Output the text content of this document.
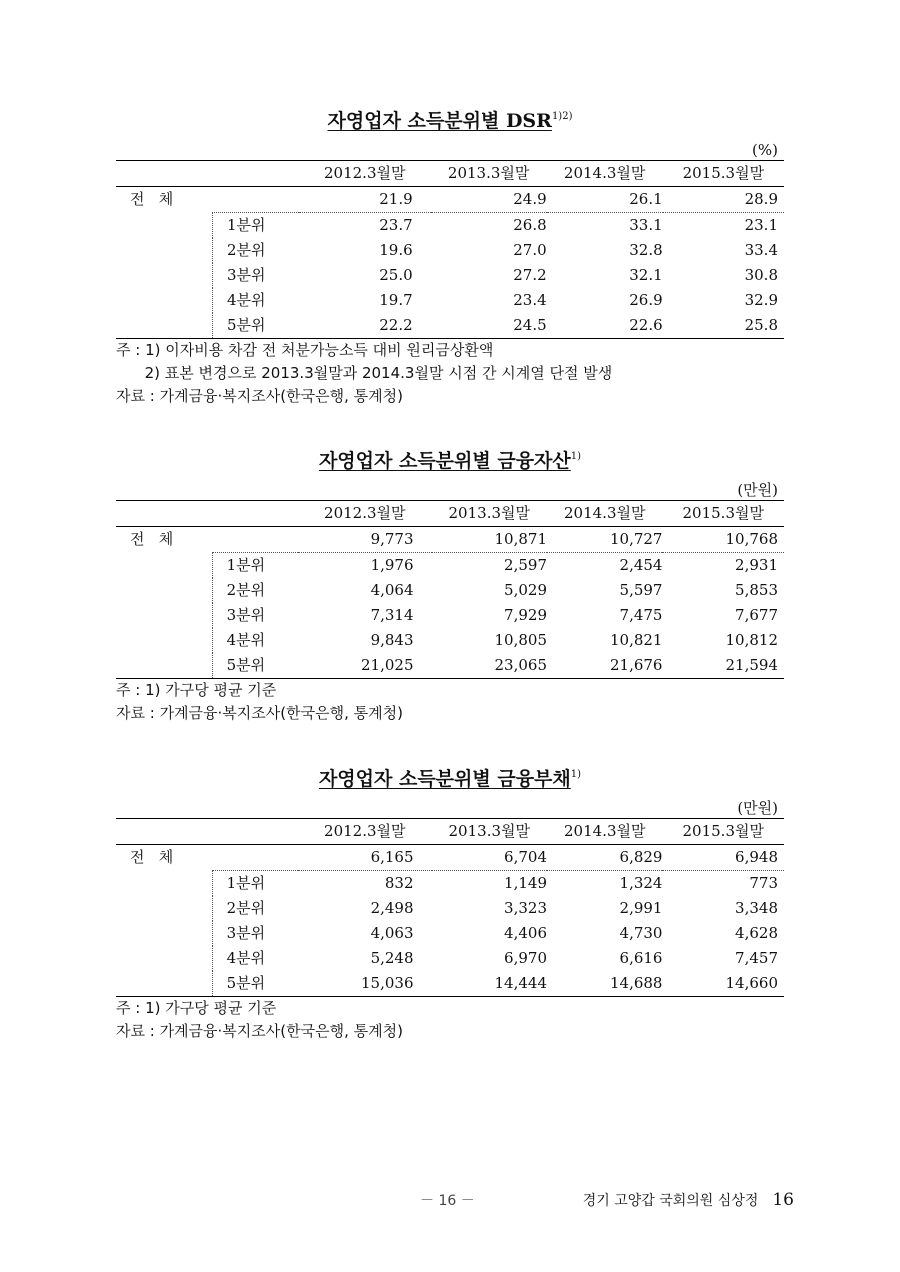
자영업자 소득분위별 $DSR^{1)2)}$
(%)
		2012.3월말	2013.3월말	2014.3월말	2015.3월말
전   체		21.9	24.9	26.1	28.9
	1분위	23.7	26.8	33.1	23.1
	2분위	19.6	27.0	32.8	33.4
	3분위	25.0	27.2	32.1	30.8
	4분위	19.7	23.4	26.9	32.9
	5분위	22.2	24.5	22.6	25.8
주 : 1) 이자비용 차감 전 처분가능소득 대비 원리금상환액
2) 표본 변경으로 2013.3월말과 2014.3월말 시점 간 시계열 단절 발생
자료 : 가계금융·복지조사(한국은행, 통계청)
자영업자 소득분위별 금융자산$^{1)}$
(만원)
		2012.3월말	2013.3월말	2014.3월말	2015.3월말
전   체		9,773	10,871	10,727	10,768
	1분위	1,976	2,597	2,454	2,931
	2분위	4,064	5,029	5,597	5,853
	3분위	7,314	7,929	7,475	7,677
	4분위	9,843	10,805	10,821	10,812
	5분위	21,025	23,065	21,676	21,594
주 : 1) 가구당 평균 기준
자료 : 가계금융·복지조사(한국은행, 통계청)
자영업자 소득분위별 금융부채$^{1)}$
(만원)
		2012.3월말	2013.3월말	2014.3월말	2015.3월말
전   체		6,165	6,704	6,829	6,948
	1분위	832	1,149	1,324	773
	2분위	2,498	3,323	2,991	3,348
	3분위	4,063	4,406	4,730	4,628
	4분위	5,248	6,970	6,616	7,457
	5분위	15,036	14,444	14,688	14,660
주 : 1) 가구당 평균 기준
자료 : 가계금융·복지조사(한국은행, 통계청)
－ 16 －	경기 고양갑 국회의원 심상정 16
